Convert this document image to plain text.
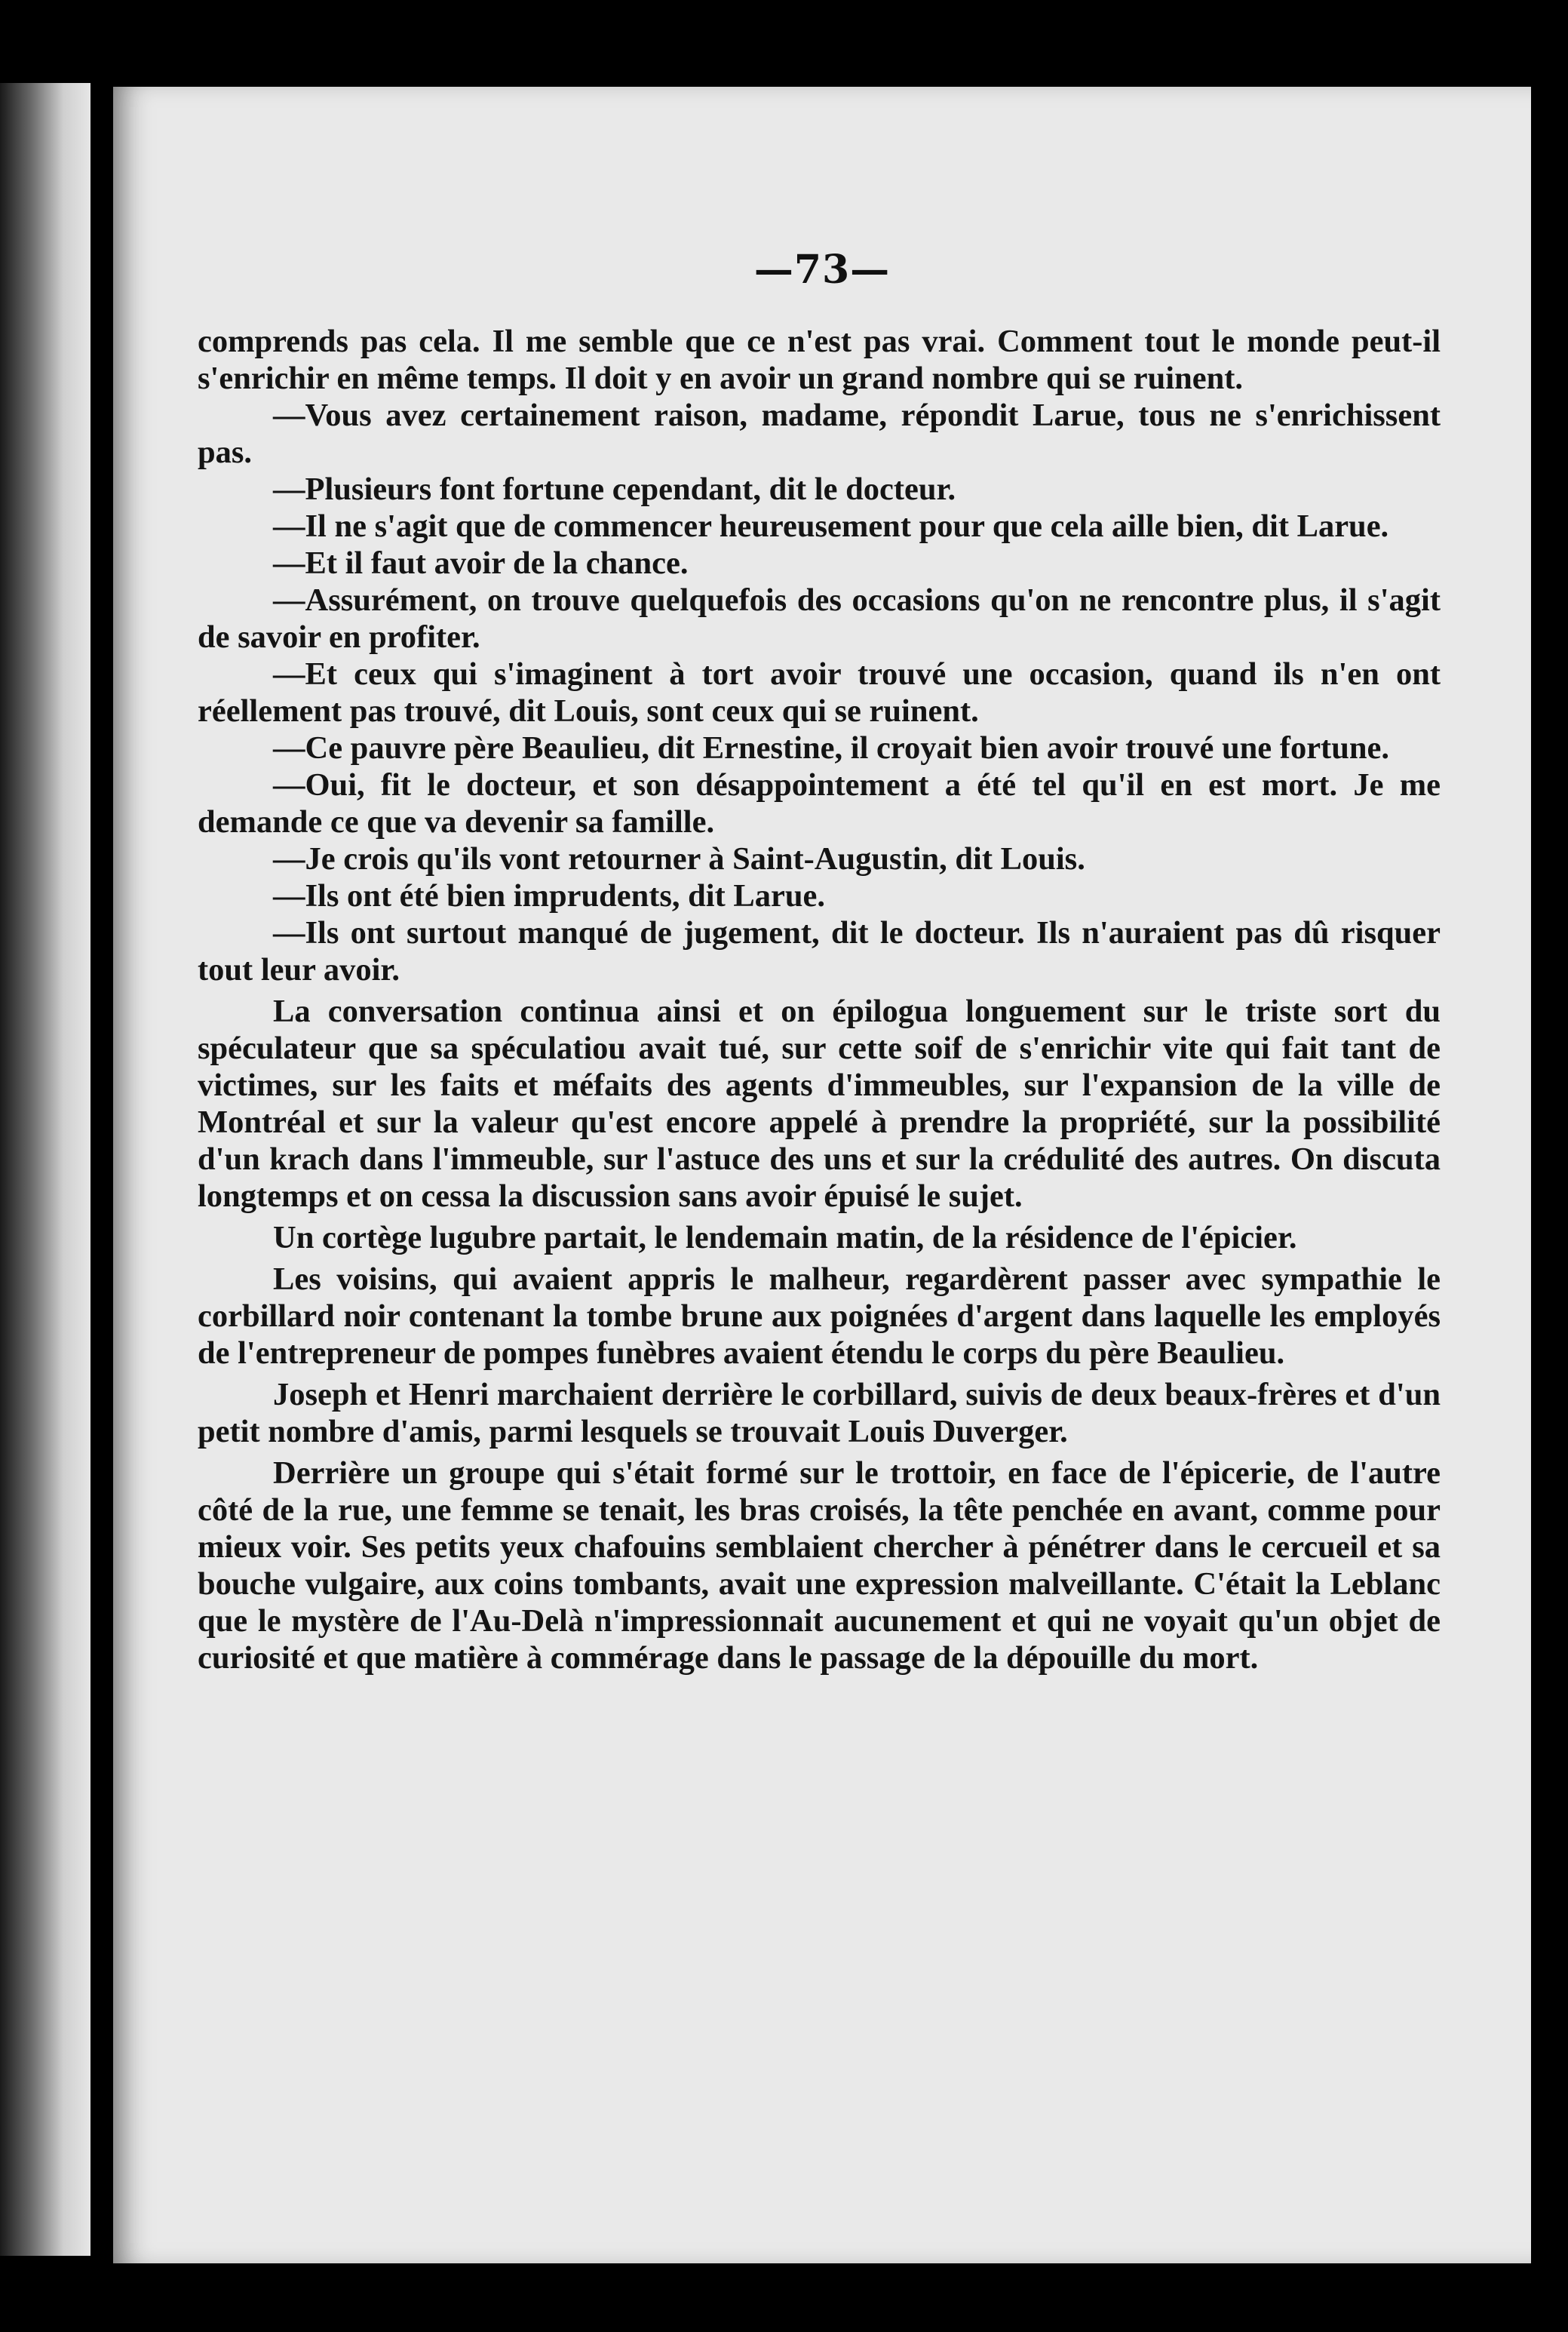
—73—

comprends pas cela. Il me semble que ce n'est pas vrai. Comment tout le monde peut-il s'enrichir en même temps. Il doit y en avoir un grand nombre qui se ruinent.

—Vous avez certainement raison, madame, répondit Larue, tous ne s'enrichissent pas.

—Plusieurs font fortune cependant, dit le docteur.

—Il ne s'agit que de commencer heureusement pour que cela aille bien, dit Larue.

—Et il faut avoir de la chance.

—Assurément, on trouve quelquefois des occasions qu'on ne rencontre plus, il s'agit de savoir en profiter.

—Et ceux qui s'imaginent à tort avoir trouvé une occasion, quand ils n'en ont réellement pas trouvé, dit Louis, sont ceux qui se ruinent.

—Ce pauvre père Beaulieu, dit Ernestine, il croyait bien avoir trouvé une fortune.

—Oui, fit le docteur, et son désappointement a été tel qu'il en est mort. Je me demande ce que va devenir sa famille.

—Je crois qu'ils vont retourner à Saint-Augustin, dit Louis.

—Ils ont été bien imprudents, dit Larue.

—Ils ont surtout manqué de jugement, dit le docteur. Ils n'auraient pas dû risquer tout leur avoir.

La conversation continua ainsi et on épilogua longuement sur le triste sort du spéculateur que sa spéculatiou avait tué, sur cette soif de s'enrichir vite qui fait tant de victimes, sur les faits et méfaits des agents d'immeubles, sur l'expansion de la ville de Montréal et sur la valeur qu'est encore appelé à prendre la propriété, sur la possibilité d'un krach dans l'immeuble, sur l'astuce des uns et sur la crédulité des autres. On discuta longtemps et on cessa la discussion sans avoir épuisé le sujet.

Un cortège lugubre partait, le lendemain matin, de la résidence de l'épicier.

Les voisins, qui avaient appris le malheur, regardèrent passer avec sympathie le corbillard noir contenant la tombe brune aux poignées d'argent dans laquelle les employés de l'entrepreneur de pompes funèbres avaient étendu le corps du père Beaulieu.

Joseph et Henri marchaient derrière le corbillard, suivis de deux beaux-frères et d'un petit nombre d'amis, parmi lesquels se trouvait Louis Duverger.

Derrière un groupe qui s'était formé sur le trottoir, en face de l'épicerie, de l'autre côté de la rue, une femme se tenait, les bras croisés, la tête penchée en avant, comme pour mieux voir. Ses petits yeux chafouins semblaient chercher à pénétrer dans le cercueil et sa bouche vulgaire, aux coins tombants, avait une expression malveillante. C'était la Leblanc que le mystère de l'Au-Delà n'impressionnait aucunement et qui ne voyait qu'un objet de curiosité et que matière à commérage dans le passage de la dépouille du mort.
